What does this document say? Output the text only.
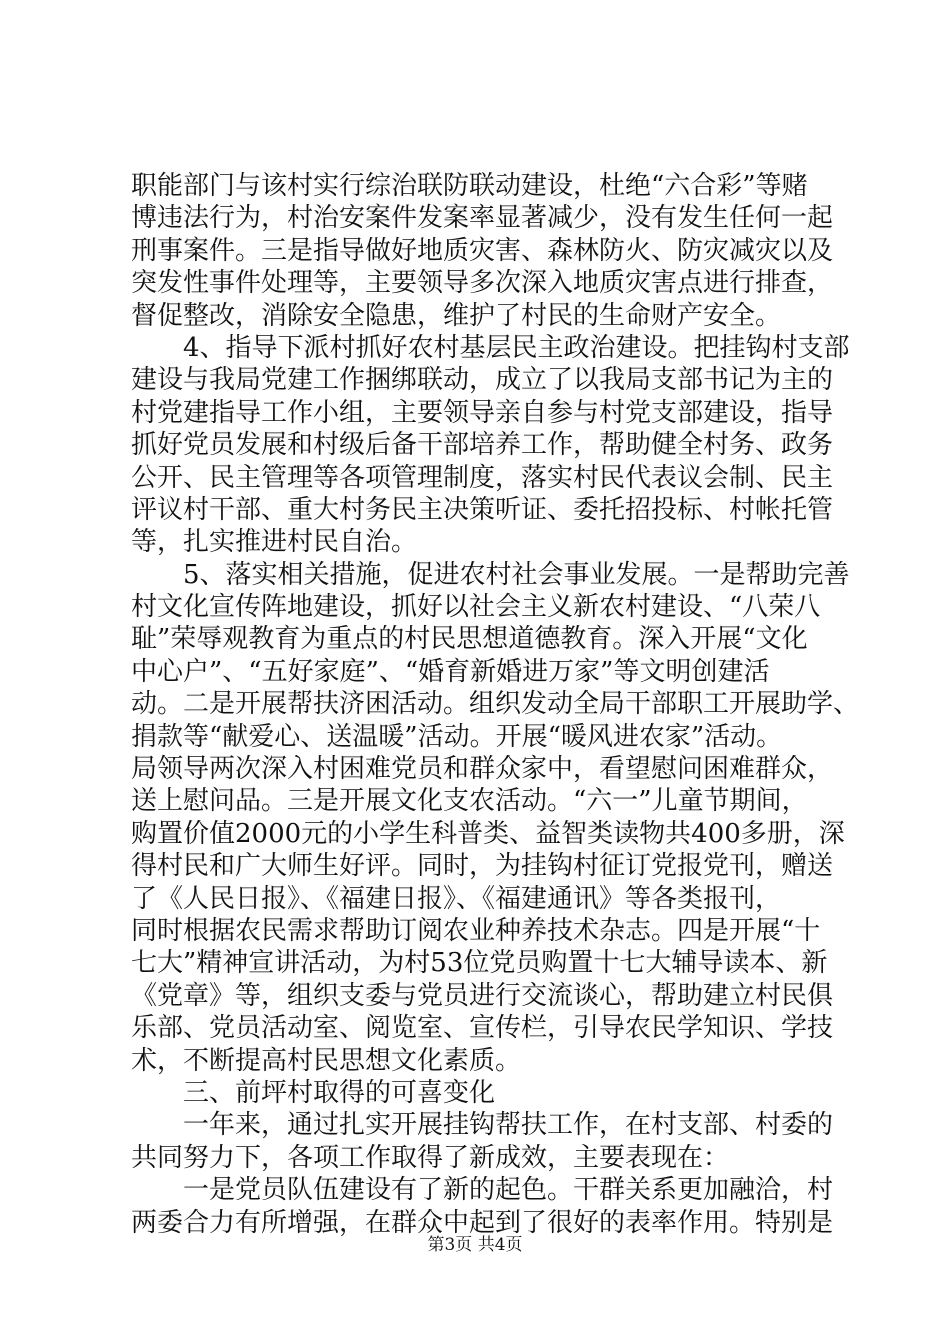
职能部门与该村实行综治联防联动建设，杜绝“六合彩”等赌
博违法行为，村治安案件发案率显著减少，没有发生任何一起
刑事案件。三是指导做好地质灾害、森林防火、防灾减灾以及
突发性事件处理等，主要领导多次深入地质灾害点进行排查，
督促整改，消除安全隐患，维护了村民的生命财产安全。
4、指导下派村抓好农村基层民主政治建设。把挂钩村支部
建设与我局党建工作捆绑联动，成立了以我局支部书记为主的
村党建指导工作小组，主要领导亲自参与村党支部建设，指导
抓好党员发展和村级后备干部培养工作，帮助健全村务、政务
公开、民主管理等各项管理制度，落实村民代表议会制、民主
评议村干部、重大村务民主决策听证、委托招投标、村帐托管
等，扎实推进村民自治。
5、落实相关措施，促进农村社会事业发展。一是帮助完善
村文化宣传阵地建设，抓好以社会主义新农村建设、“八荣八
耻”荣辱观教育为重点的村民思想道德教育。深入开展“文化
中心户”、“五好家庭”、“婚育新婚进万家”等文明创建活
动。二是开展帮扶济困活动。组织发动全局干部职工开展助学、
捐款等“献爱心、送温暖”活动。开展“暖风进农家”活动。
局领导两次深入村困难党员和群众家中，看望慰问困难群众，
送上慰问品。三是开展文化支农活动。“六一”儿童节期间，
购置价值2000元的小学生科普类、益智类读物共400多册，深
得村民和广大师生好评。同时，为挂钩村征订党报党刊，赠送
了《人民日报》、《福建日报》、《福建通讯》等各类报刊，
同时根据农民需求帮助订阅农业种养技术杂志。四是开展“十
七大”精神宣讲活动，为村53位党员购置十七大辅导读本、新
《党章》等，组织支委与党员进行交流谈心，帮助建立村民俱
乐部、党员活动室、阅览室、宣传栏，引导农民学知识、学技
术，不断提高村民思想文化素质。
三、前坪村取得的可喜变化
一年来，通过扎实开展挂钩帮扶工作，在村支部、村委的
共同努力下，各项工作取得了新成效，主要表现在：
一是党员队伍建设有了新的起色。干群关系更加融洽，村
两委合力有所增强，在群众中起到了很好的表率作用。特别是
第3页 共4页
